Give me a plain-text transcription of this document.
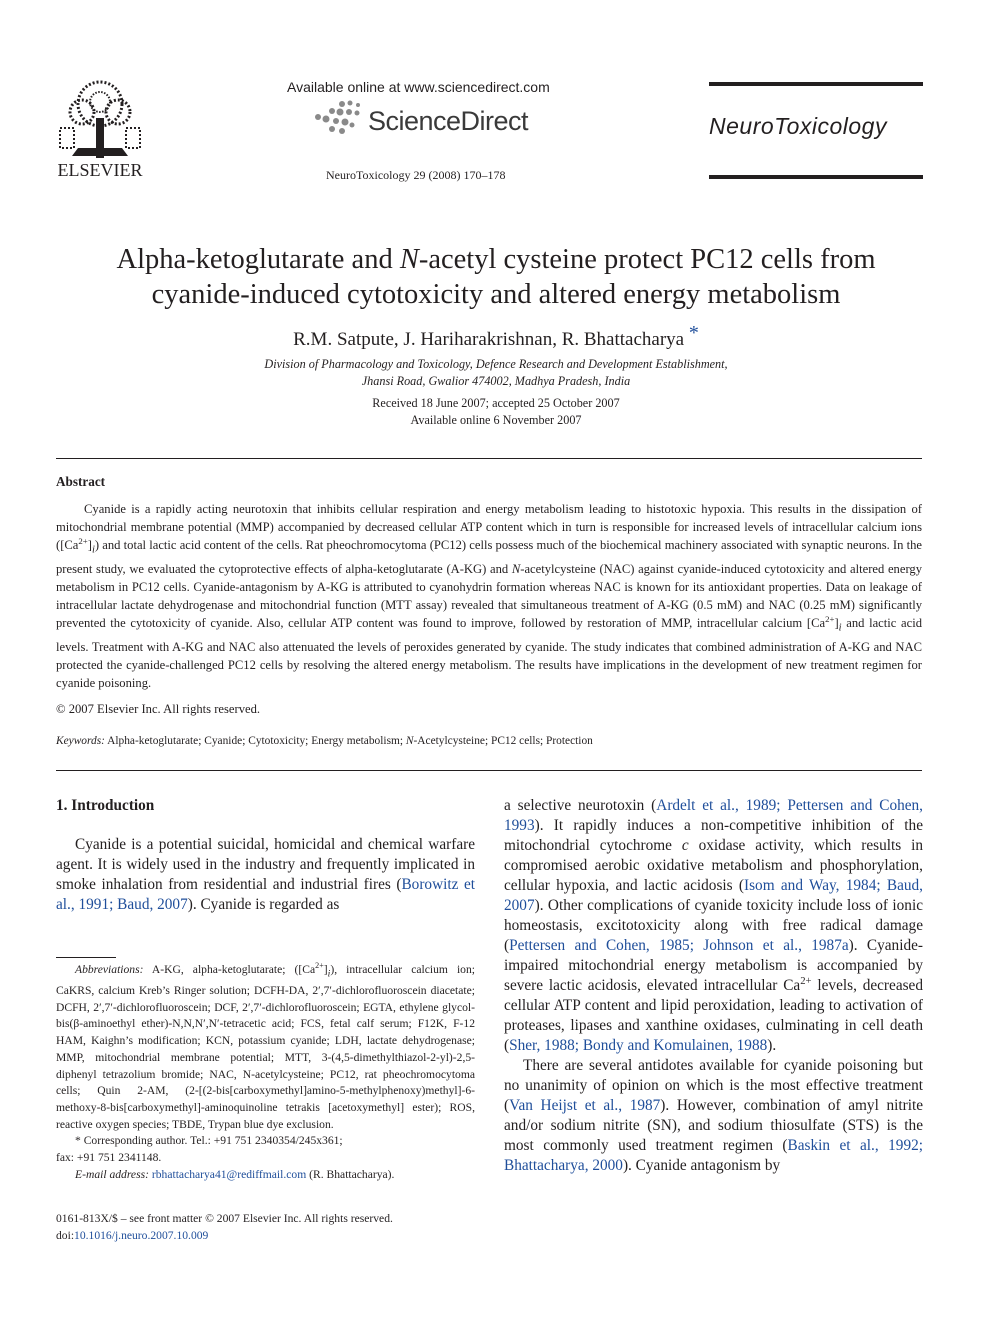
ELSEVIER
Available online at www.sciencedirect.com
ScienceDirect
NeuroToxicology 29 (2008) 170–178
NeuroToxicology
Alpha-ketoglutarate and N-acetyl cysteine protect PC12 cells from
cyanide-induced cytotoxicity and altered energy metabolism
R.M. Satpute, J. Hariharakrishnan, R. Bhattacharya *
Division of Pharmacology and Toxicology, Defence Research and Development Establishment,
Jhansi Road, Gwalior 474002, Madhya Pradesh, India
Received 18 June 2007; accepted 25 October 2007
Available online 6 November 2007
Abstract
Cyanide is a rapidly acting neurotoxin that inhibits cellular respiration and energy metabolism leading to histotoxic hypoxia. This results in the dissipation of mitochondrial membrane potential (MMP) accompanied by decreased cellular ATP content which in turn is responsible for increased levels of intracellular calcium ions $([Ca^{2+}]_i)$ and total lactic acid content of the cells. Rat pheochromocytoma (PC12) cells possess much of the biochemical machinery associated with synaptic neurons. In the present study, we evaluated the cytoprotective effects of alpha-ketoglutarate (A-KG) and N-acetylcysteine (NAC) against cyanide-induced cytotoxicity and altered energy metabolism in PC12 cells. Cyanide-antagonism by A-KG is attributed to cyanohydrin formation whereas NAC is known for its antioxidant properties. Data on leakage of intracellular lactate dehydrogenase and mitochondrial function (MTT assay) revealed that simultaneous treatment of A-KG (0.5 mM) and NAC (0.25 mM) significantly prevented the cytotoxicity of cyanide. Also, cellular ATP content was found to improve, followed by restoration of MMP, intracellular calcium $[Ca^{2+}]_i$ and lactic acid levels. Treatment with A-KG and NAC also attenuated the levels of peroxides generated by cyanide. The study indicates that combined administration of A-KG and NAC protected the cyanide-challenged PC12 cells by resolving the altered energy metabolism. The results have implications in the development of new treatment regimen for cyanide poisoning.
© 2007 Elsevier Inc. All rights reserved.
Keywords: Alpha-ketoglutarate; Cyanide; Cytotoxicity; Energy metabolism; N-Acetylcysteine; PC12 cells; Protection
1. Introduction

Cyanide is a potential suicidal, homicidal and chemical warfare agent. It is widely used in the industry and frequently implicated in smoke inhalation from residential and industrial fires (Borowitz et al., 1991; Baud, 2007). Cyanide is regarded as

Abbreviations: A-KG, alpha-ketoglutarate; $([Ca^{2+}]_i)$, intracellular calcium ion; CaKRS, calcium Kreb’s Ringer solution; DCFH-DA, 2′,7′-dichlorofluoroscein diacetate; DCFH, 2′,7′-dichlorofluoroscein; DCF, 2′,7′-dichlorofluoroscein; EGTA, ethylene glycol-bis(β-aminoethyl ether)-N,N,N′,N′-tetracetic acid; FCS, fetal calf serum; F12K, F-12 HAM, Kaighn’s modification; KCN, potassium cyanide; LDH, lactate dehydrogenase; MMP, mitochondrial membrane potential; MTT, 3-(4,5-dimethylthiazol-2-yl)-2,5-diphenyl tetrazolium bromide; NAC, N-acetylcysteine; PC12, rat pheochromocytoma cells; Quin 2-AM, (2-[(2-bis[carboxymethyl]amino-5-methylphenoxy)methyl]-6-methoxy-8-bis[carboxymethyl]-aminoquinoline tetrakis [acetoxymethyl] ester); ROS, reactive oxygen species; TBDE, Trypan blue dye exclusion.

* Corresponding author. Tel.: +91 751 2340354/245x361;

fax: +91 751 2341148.

E-mail address: rbhattacharya41@rediffmail.com (R. Bhattacharya).

0161-813X/$ – see front matter © 2007 Elsevier Inc. All rights reserved.
doi:10.1016/j.neuro.2007.10.009

a selective neurotoxin (Ardelt et al., 1989; Pettersen and Cohen, 1993). It rapidly induces a non-competitive inhibition of the mitochondrial cytochrome c oxidase activity, which results in compromised aerobic oxidative metabolism and phosphorylation, cellular hypoxia, and lactic acidosis (Isom and Way, 1984; Baud, 2007). Other complications of cyanide toxicity include loss of ionic homeostasis, excitotoxicity along with free radical damage (Pettersen and Cohen, 1985; Johnson et al., 1987a). Cyanide-impaired mitochondrial energy metabolism is accompanied by severe lactic acidosis, elevated intracellular $Ca^{2+}$ levels, decreased cellular ATP content and lipid peroxidation, leading to activation of proteases, lipases and xanthine oxidases, culminating in cell death (Sher, 1988; Bondy and Komulainen, 1988).

There are several antidotes available for cyanide poisoning but no unanimity of opinion on which is the most effective treatment (Van Heijst et al., 1987). However, combination of amyl nitrite and/or sodium nitrite (SN), and sodium thiosulfate (STS) is the most commonly used treatment regimen (Baskin et al., 1992; Bhattacharya, 2000). Cyanide antagonism by
